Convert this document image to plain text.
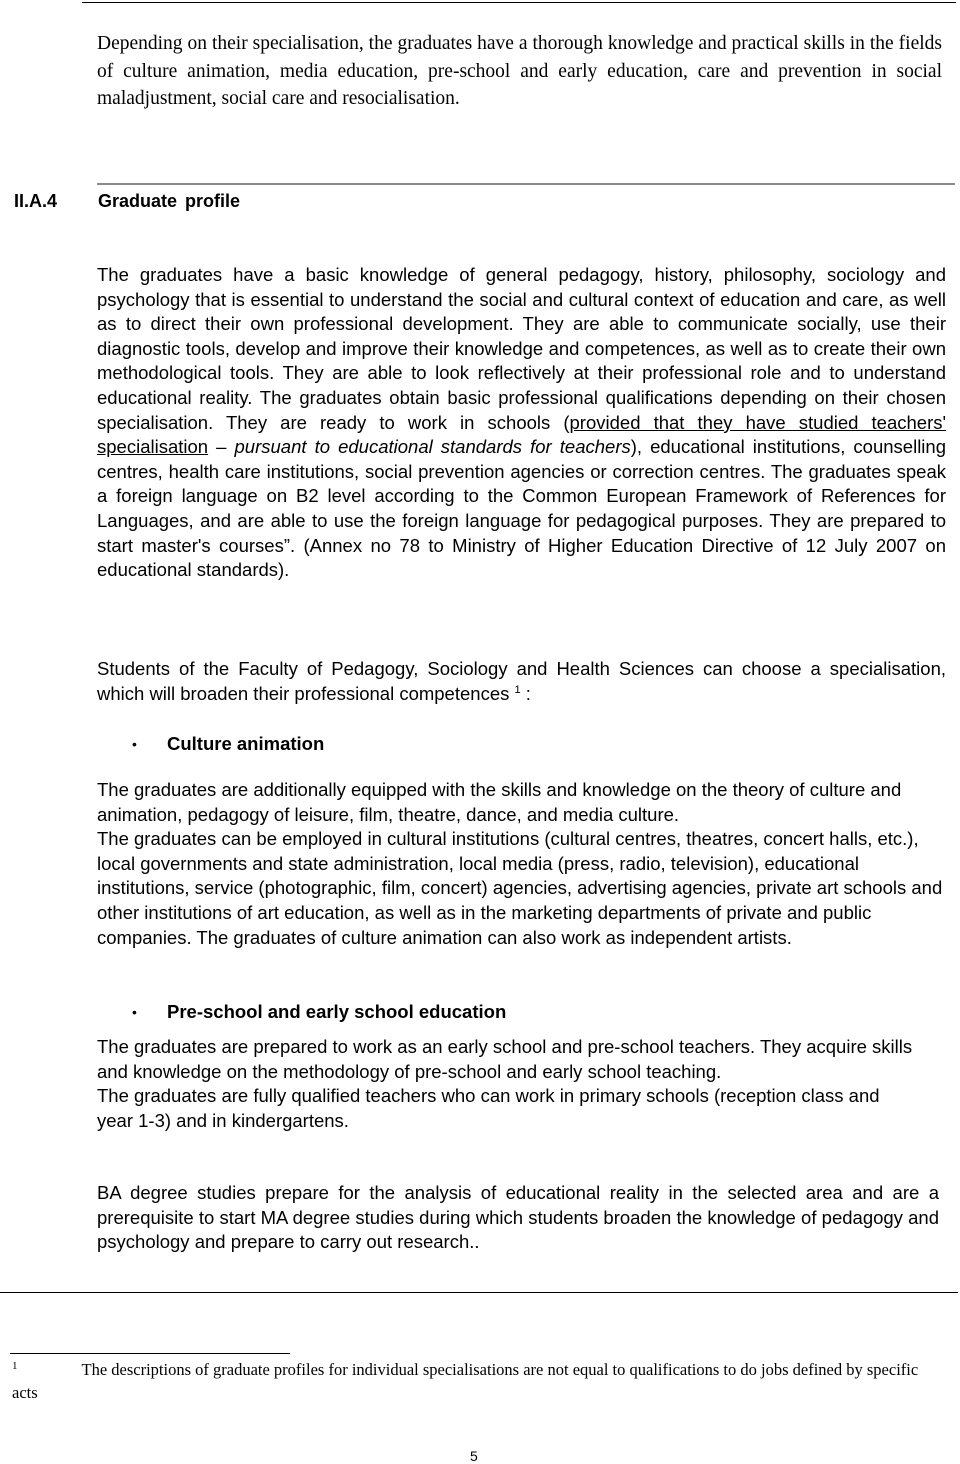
Depending on their specialisation, the graduates have a thorough knowledge and practical skills in the fields of culture animation, media education, pre-school and early education, care and prevention in social maladjustment, social care and resocialisation.

II.A.4 Graduate profile

The graduates have a basic knowledge of general pedagogy, history, philosophy, sociology and psychology that is essential to understand the social and cultural context of education and care, as well as to direct their own professional development. They are able to communicate socially, use their diagnostic tools, develop and improve their knowledge and competences, as well as to create their own methodological tools. They are able to look reflectively at their professional role and to understand educational reality. The graduates obtain basic professional qualifications depending on their chosen specialisation. They are ready to work in schools (provided that they have studied teachers' specialisation – pursuant to educational standards for teachers), educational institutions, counselling centres, health care institutions, social prevention agencies or correction centres. The graduates speak a foreign language on B2 level according to the Common European Framework of References for Languages, and are able to use the foreign language for pedagogical purposes. They are prepared to start master's courses”. (Annex no 78 to Ministry of Higher Education Directive of 12 July 2007 on educational standards).

Students of the Faculty of Pedagogy, Sociology and Health Sciences can choose a specialisation, which will broaden their professional competences $^1$ :

• Culture animation
The graduates are additionally equipped with the skills and knowledge on the theory of culture and animation, pedagogy of leisure, film, theatre, dance, and media culture.
The graduates can be employed in cultural institutions (cultural centres, theatres, concert halls, etc.), local governments and state administration, local media (press, radio, television), educational institutions, service (photographic, film, concert) agencies, advertising agencies, private art schools and other institutions of art education, as well as in the marketing departments of private and public companies. The graduates of culture animation can also work as independent artists.
• Pre-school and early school education
The graduates are prepared to work as an early school and pre-school teachers. They acquire skills and knowledge on the methodology of pre-school and early school teaching.
The graduates are fully qualified teachers who can work in primary schools (reception class and year 1-3) and in kindergartens.

BA degree studies prepare for the analysis of educational reality in the selected area and are a prerequisite to start MA degree studies during which students broaden the knowledge of pedagogy and psychology and prepare to carry out research..

$^1$	The descriptions of graduate profiles for individual specialisations are not equal to qualifications to do jobs defined by specific acts
5
